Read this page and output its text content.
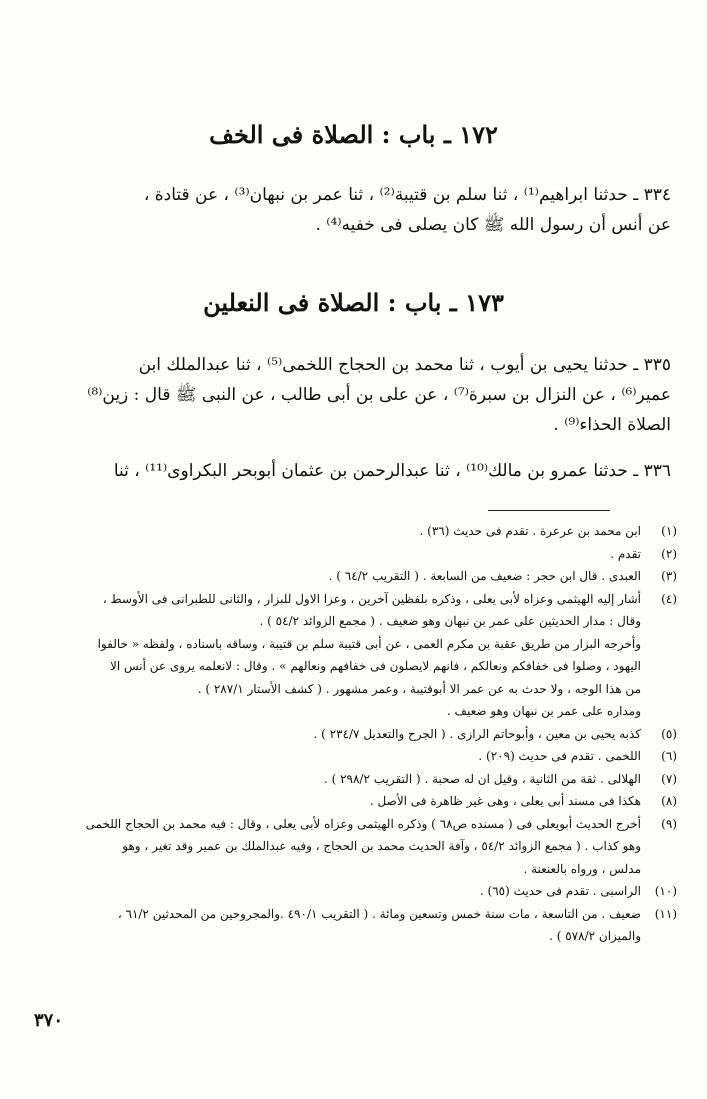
١٧٢ ـ باب : الصلاة فى الخف
٣٣٤ ـ حدثنا ابراهيم⁽¹⁾ ، ثنا سلم بن قتيبة⁽²⁾ ، ثنا عمر بن نبهان⁽³⁾ ، عن قتادة ،
عن أنس أن رسول الله ﷺ كان يصلى فى خفيه⁽⁴⁾ .
١٧٣ ـ باب : الصلاة فى النعلين
٣٣٥ ـ حدثنا يحيى بن أيوب ، ثنا محمد بن الحجاج اللخمى⁽⁵⁾ ، ثنا عبدالملك ابن
عمير⁽⁶⁾ ، عن النزال بن سبرة⁽⁷⁾ ، عن على بن أبى طالب ، عن النبى ﷺ قال : زين⁽⁸⁾
الصلاة الحذاء⁽⁹⁾ .
٣٣٦ ـ حدثنا عمرو بن مالك⁽¹⁰⁾ ، ثنا عبدالرحمن بن عثمان أبوبحر البكراوى⁽¹¹⁾ ، ثنا
(١)
ابن محمد بن عرعرة . تقدم فى حديث (٣٦) .
(٢)
تقدم .
(٣)
العبدى . قال ابن حجر : ضعيف من السابعة . ( التقريب ٦٤/٢ ) .
(٤)
أشار إليه الهيثمى وعزاه لأبى يعلى ، وذكره بلفظين آخرين ، وعزا الاول للبزار ، والثانى للطبرانى فى الأوسط ،
وقال : مدار الحديثين على عمر بن نبهان وهو ضعيف . ( مجمع الزوائد ٥٤/٢ ) .
وأخرجه البزار من طريق عقبة بن مكرم العمى ، عن أبى قتيبة سلم بن قتيبة ، وساقه باسناده ، ولفظه « خالفوا
اليهود ، وصلوا فى خفافكم ونعالكم ، فانهم لايصلون فى خفافهم ونعالهم » . وقال : لانعلمه يروى عن أنس الا
من هذا الوجه ، ولا حدث به عن عمر الا أبوقتيبة ، وعمر مشهور . ( كشف الأستار ٢٨٧/١ ) .
ومداره على عمر بن نبهان وهو ضعيف .
(٥)
كذبه يحيى بن معين ، وأبوحاتم الرازى . ( الجرح والتعديل ٢٣٤/٧ ) .
(٦)
اللخمى . تقدم فى حديث (٢٠٩) .
(٧)
الهلالى . ثقة من الثانية ، وقيل ان له صحبة . ( التقريب ٢٩٨/٢ ) .
(٨)
هكذا فى مسند أبى يعلى ، وهى غير ظاهرة فى الأصل .
(٩)
أخرج الحديث أبويعلى فى ( مسنده ص٦٨ ) وذكره الهيثمى وعزاه لأبى يعلى ، وقال : فيه محمد بن الحجاج اللخمى
وهو كذاب . ( مجمع الزوائد ٥٤/٢ ، وآفة الحديث محمد بن الحجاج ، وفيه عبدالملك بن عمير وقد تغير ، وهو
مدلس ، ورواه بالعنعنة .
(١٠)
الراسبى . تقدم فى حديث (٦٥) .
(١١)
ضعيف . من التاسعة ، مات سنة خمس وتسعين ومائة . ( التقريب ٤٩٠/١ .والمجروحين من المحدثين ٦١/٢ ،
والميزان ٥٧٨/٢ ) .
٣٧٠
